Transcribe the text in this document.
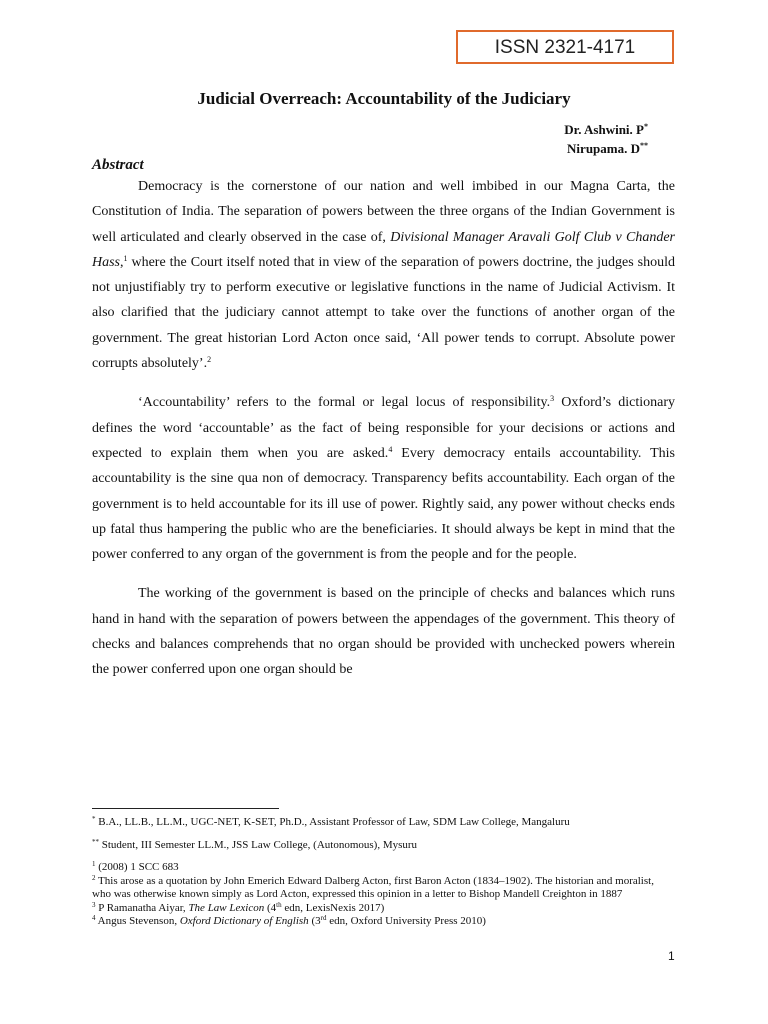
ISSN 2321-4171
Judicial Overreach: Accountability of the Judiciary
Dr. Ashwini. P*
Nirupama. D**
Abstract

Democracy is the cornerstone of our nation and well imbibed in our Magna Carta, the Constitution of India. The separation of powers between the three organs of the Indian Government is well articulated and clearly observed in the case of, Divisional Manager Aravali Golf Club v Chander Hass,$^1$ where the Court itself noted that in view of the separation of powers doctrine, the judges should not unjustifiably try to perform executive or legislative functions in the name of Judicial Activism. It also clarified that the judiciary cannot attempt to take over the functions of another organ of the government. The great historian Lord Acton once said, ‘All power tends to corrupt. Absolute power corrupts absolutely’.$^2$

‘Accountability’ refers to the formal or legal locus of responsibility.$^3$ Oxford’s dictionary defines the word ‘accountable’ as the fact of being responsible for your decisions or actions and expected to explain them when you are asked.$^4$ Every democracy entails accountability. This accountability is the sine qua non of democracy. Transparency befits accountability. Each organ of the government is to held accountable for its ill use of power. Rightly said, any power without checks ends up fatal thus hampering the public who are the beneficiaries. It should always be kept in mind that the power conferred to any organ of the government is from the people and for the people.

The working of the government is based on the principle of checks and balances which runs hand in hand with the separation of powers between the appendages of the government. This theory of checks and balances comprehends that no organ should be provided with unchecked powers wherein the power conferred upon one organ should be

* B.A., LL.B., LL.M., UGC-NET, K-SET, Ph.D., Assistant Professor of Law, SDM Law College, Mangaluru

** Student, III Semester LL.M., JSS Law College, (Autonomous), Mysuru

$^1$ (2008) 1 SCC 683

$^2$ This arose as a quotation by John Emerich Edward Dalberg Acton, first Baron Acton (1834–1902). The historian and moralist, who was otherwise known simply as Lord Acton, expressed this opinion in a letter to Bishop Mandell Creighton in 1887

$^3$ P Ramanatha Aiyar, The Law Lexicon (4th edn, LexisNexis 2017)

$^4$ Angus Stevenson, Oxford Dictionary of English (3rd edn, Oxford University Press 2010)

1
